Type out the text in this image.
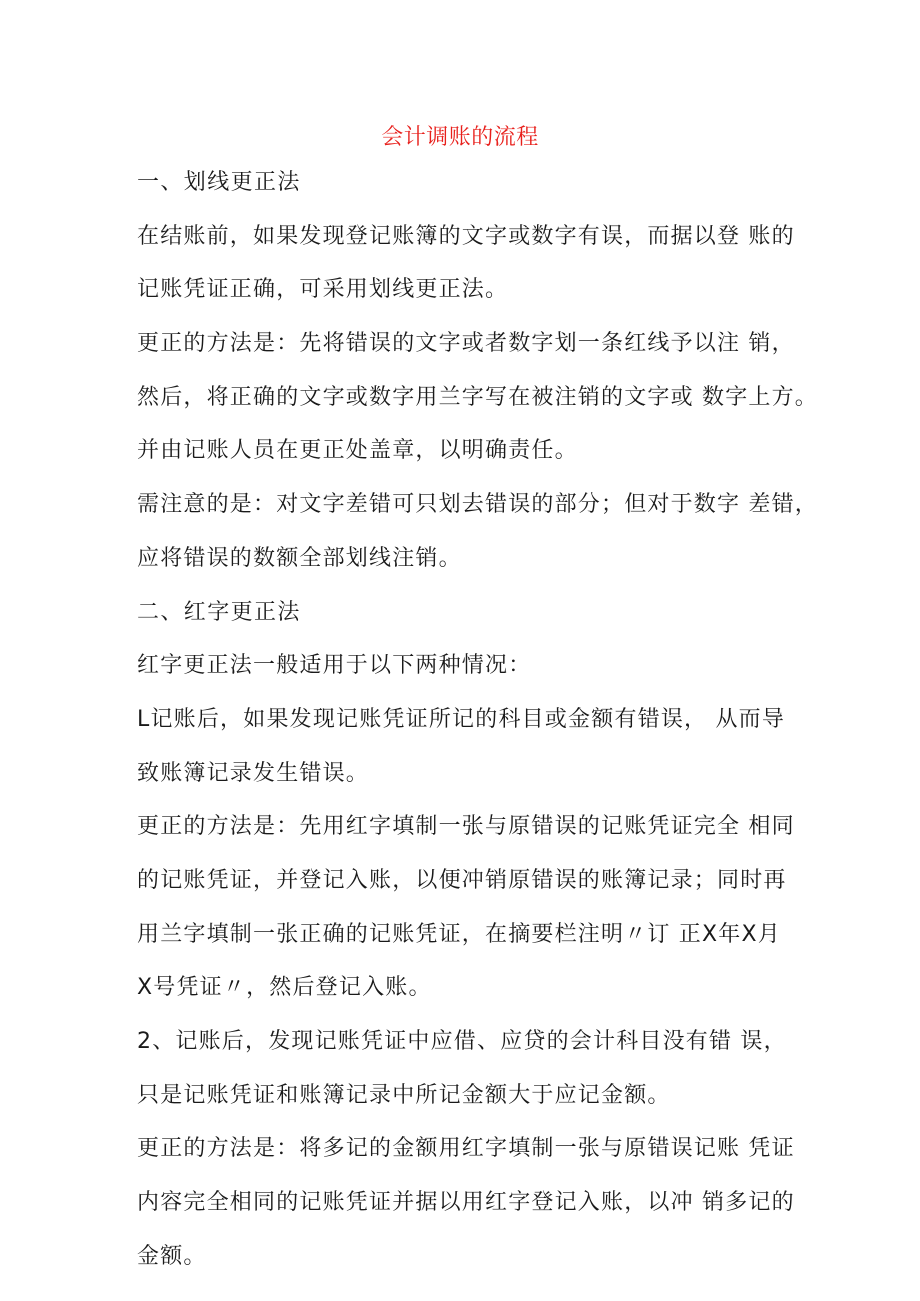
会计调账的流程
一、划线更正法
在结账前，如果发现登记账簿的文字或数字有误，而据以登 账的
记账凭证正确，可采用划线更正法。
更正的方法是：先将错误的文字或者数字划一条红线予以注 销，
然后，将正确的文字或数字用兰字写在被注销的文字或 数字上方。
并由记账人员在更正处盖章，以明确责任。
需注意的是：对文字差错可只划去错误的部分；但对于数字 差错，
应将错误的数额全部划线注销。
二、红字更正法
红字更正法一般适用于以下两种情况：
L记账后，如果发现记账凭证所记的科目或金额有错误， 从而导
致账簿记录发生错误。
更正的方法是：先用红字填制一张与原错误的记账凭证完全 相同
的记账凭证，并登记入账，以便冲销原错误的账簿记录；同时再
用兰字填制一张正确的记账凭证，在摘要栏注明〃订 正X年X月
X号凭证〃，然后登记入账。
2、记账后，发现记账凭证中应借、应贷的会计科目没有错 误，
只是记账凭证和账簿记录中所记金额大于应记金额。
更正的方法是：将多记的金额用红字填制一张与原错误记账 凭证
内容完全相同的记账凭证并据以用红字登记入账，以冲 销多记的
金额。
